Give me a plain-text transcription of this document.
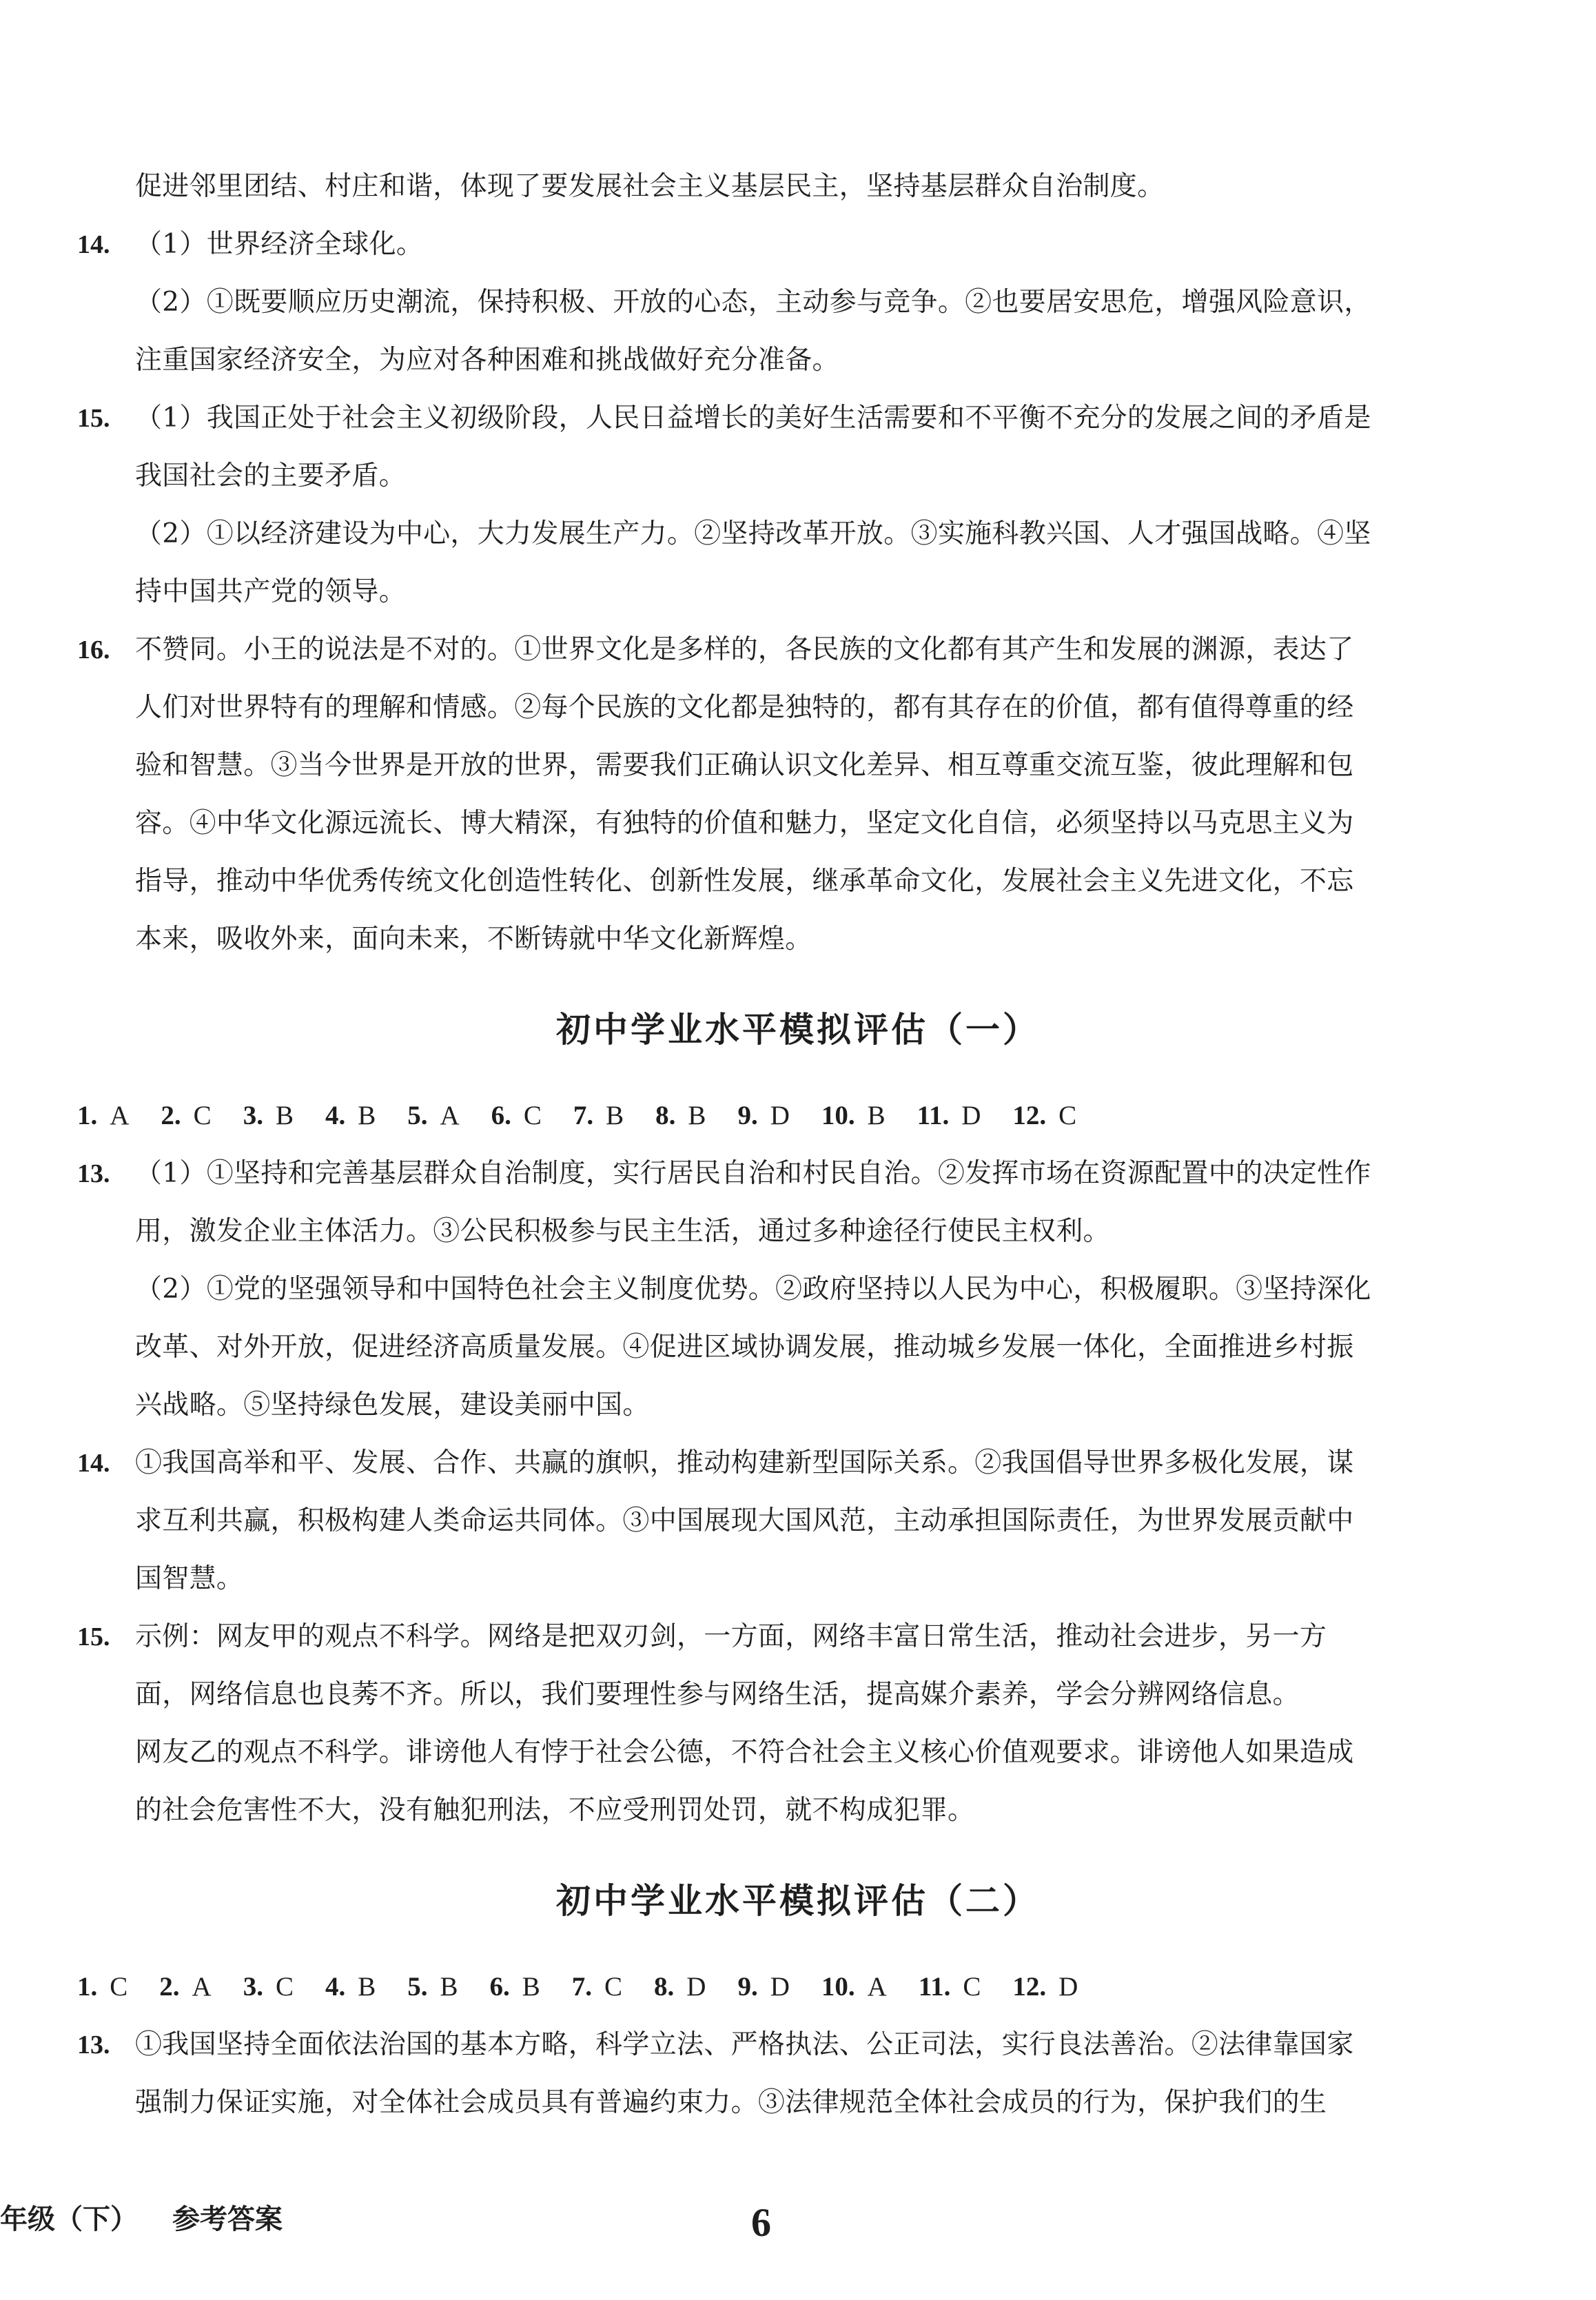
促进邻里团结、村庄和谐，体现了要发展社会主义基层民主，坚持基层群众自治制度。
14. （1）世界经济全球化。
（2）①既要顺应历史潮流，保持积极、开放的心态，主动参与竞争。②也要居安思危，增强风险意识，
注重国家经济安全，为应对各种困难和挑战做好充分准备。
15. （1）我国正处于社会主义初级阶段，人民日益增长的美好生活需要和不平衡不充分的发展之间的矛盾是
我国社会的主要矛盾。
（2）①以经济建设为中心，大力发展生产力。②坚持改革开放。③实施科教兴国、人才强国战略。④坚
持中国共产党的领导。
16. 不赞同。小王的说法是不对的。①世界文化是多样的，各民族的文化都有其产生和发展的渊源，表达了
人们对世界特有的理解和情感。②每个民族的文化都是独特的，都有其存在的价值，都有值得尊重的经
验和智慧。③当今世界是开放的世界，需要我们正确认识文化差异、相互尊重交流互鉴，彼此理解和包
容。④中华文化源远流长、博大精深，有独特的价值和魅力，坚定文化自信，必须坚持以马克思主义为
指导，推动中华优秀传统文化创造性转化、创新性发展，继承革命文化，发展社会主义先进文化，不忘
本来，吸收外来，面向未来，不断铸就中华文化新辉煌。
初中学业水平模拟评估（一）
1. A 2. C 3. B 4. B 5. A 6. C 7. B 8. B 9. D 10. B 11. D 12. C
13. （1）①坚持和完善基层群众自治制度，实行居民自治和村民自治。②发挥市场在资源配置中的决定性作
用，激发企业主体活力。③公民积极参与民主生活，通过多种途径行使民主权利。
（2）①党的坚强领导和中国特色社会主义制度优势。②政府坚持以人民为中心，积极履职。③坚持深化
改革、对外开放，促进经济高质量发展。④促进区域协调发展，推动城乡发展一体化，全面推进乡村振
兴战略。⑤坚持绿色发展，建设美丽中国。
14. ①我国高举和平、发展、合作、共赢的旗帜，推动构建新型国际关系。②我国倡导世界多极化发展，谋
求互利共赢，积极构建人类命运共同体。③中国展现大国风范，主动承担国际责任，为世界发展贡献中
国智慧。
15. 示例：网友甲的观点不科学。网络是把双刃剑，一方面，网络丰富日常生活，推动社会进步，另一方
面，网络信息也良莠不齐。所以，我们要理性参与网络生活，提高媒介素养，学会分辨网络信息。
网友乙的观点不科学。诽谤他人有悖于社会公德，不符合社会主义核心价值观要求。诽谤他人如果造成
的社会危害性不大，没有触犯刑法，不应受刑罚处罚，就不构成犯罪。
初中学业水平模拟评估（二）
1. C 2. A 3. C 4. B 5. B 6. B 7. C 8. D 9. D 10. A 11. C 12. D
13. ①我国坚持全面依法治国的基本方略，科学立法、严格执法、公正司法，实行良法善治。②法律靠国家
强制力保证实施，对全体社会成员具有普遍约束力。③法律规范全体社会成员的行为，保护我们的生
年级（下） 参考答案	6
